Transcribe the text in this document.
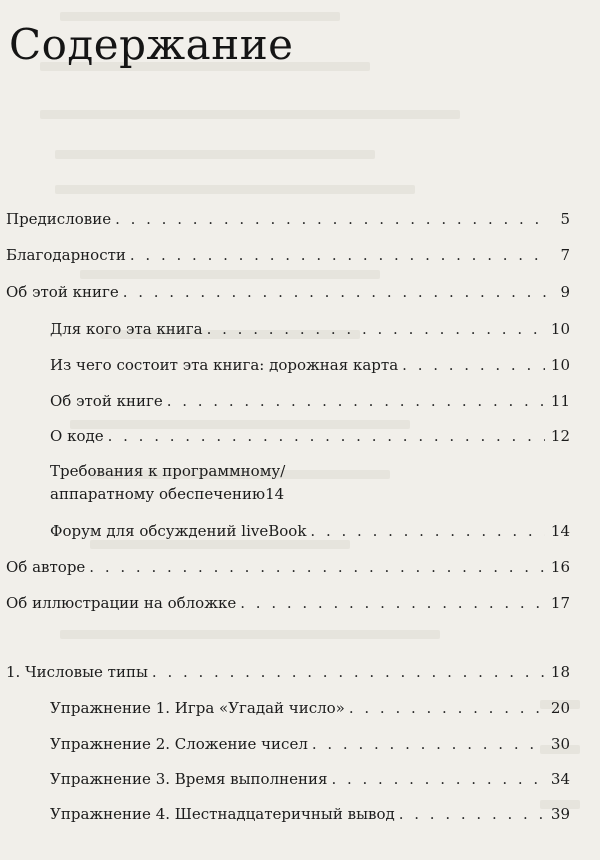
Содержание
Предисловие . . .	5
Благодарности . . .	7
Об этой книге . . .	9
Для кого эта книга . . .	10
Из чего состоит эта книга: дорожная карта . . .	10
Об этой книге . . .	11
О коде . . .	12
Требования к программному/
аппаратному обеспечению 14
Форум для обсуждений liveBook . . .	14
Об авторе . . .	16
Об иллюстрации на обложке . . .	17
1. Числовые типы . . .	18
Упражнение 1. Игра «Угадай число» . . .	20
Упражнение 2. Сложение чисел . . .	30
Упражнение 3. Время выполнения . . .	34
Упражнение 4. Шестнадцатеричный вывод . . .	39
